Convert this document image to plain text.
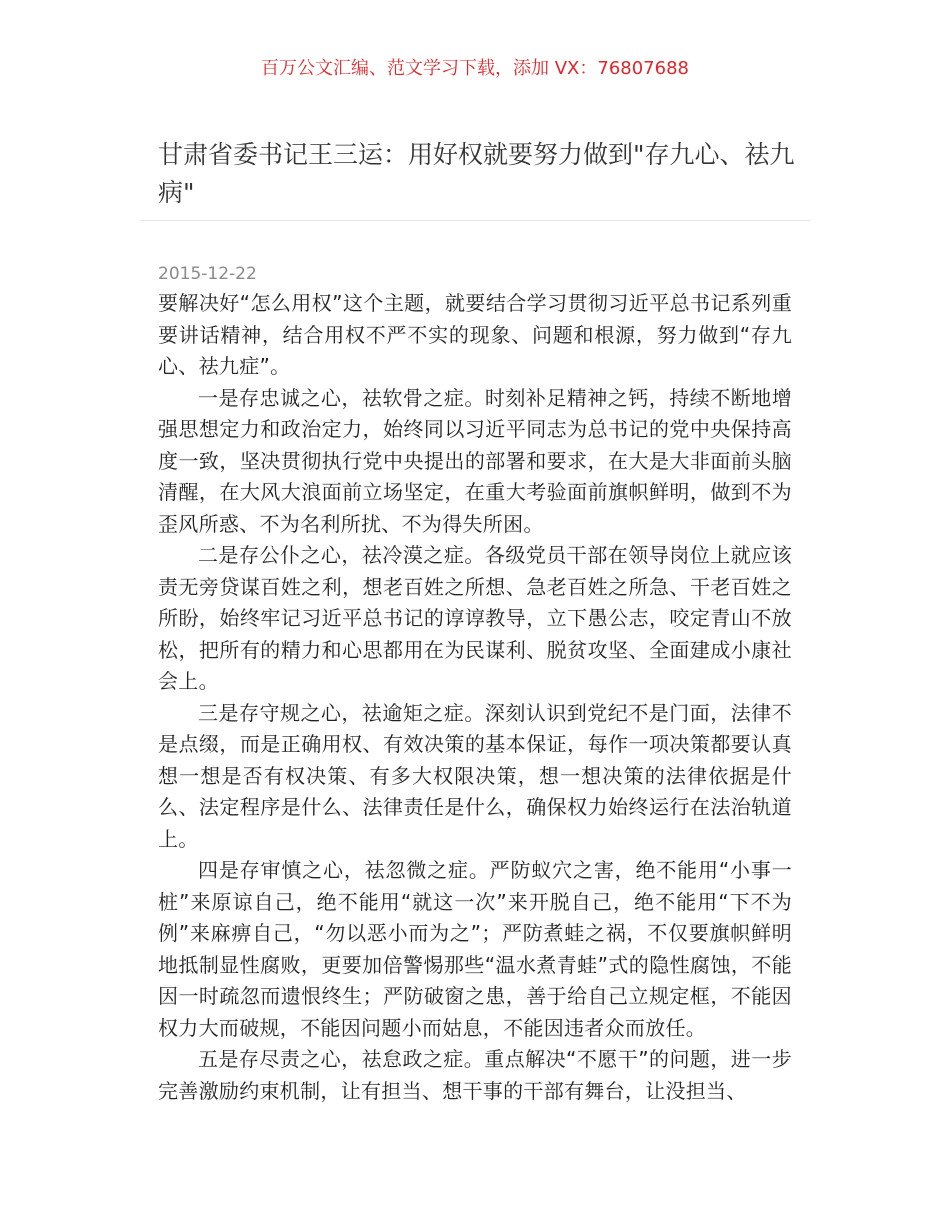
百万公文汇编、范文学习下载，添加 VX：76807688
甘肃省委书记王三运：用好权就要努力做到"存九心、祛九病"
2015-12-22

要解决好“怎么用权”这个主题，就要结合学习贯彻习近平总书记系列重要讲话精神，结合用权不严不实的现象、问题和根源，努力做到“存九心、祛九症”。

一是存忠诚之心，祛软骨之症。时刻补足精神之钙，持续不断地增强思想定力和政治定力，始终同以习近平同志为总书记的党中央保持高度一致，坚决贯彻执行党中央提出的部署和要求，在大是大非面前头脑清醒，在大风大浪面前立场坚定，在重大考验面前旗帜鲜明，做到不为歪风所惑、不为名利所扰、不为得失所困。

二是存公仆之心，祛冷漠之症。各级党员干部在领导岗位上就应该责无旁贷谋百姓之利，想老百姓之所想、急老百姓之所急、干老百姓之所盼，始终牢记习近平总书记的谆谆教导，立下愚公志，咬定青山不放松，把所有的精力和心思都用在为民谋利、脱贫攻坚、全面建成小康社会上。

三是存守规之心，祛逾矩之症。深刻认识到党纪不是门面，法律不是点缀，而是正确用权、有效决策的基本保证，每作一项决策都要认真想一想是否有权决策、有多大权限决策，想一想决策的法律依据是什么、法定程序是什么、法律责任是什么，确保权力始终运行在法治轨道上。

四是存审慎之心，祛忽微之症。严防蚁穴之害，绝不能用“小事一桩”来原谅自己，绝不能用“就这一次”来开脱自己，绝不能用“下不为例”来麻痹自己，“勿以恶小而为之”；严防煮蛙之祸，不仅要旗帜鲜明地抵制显性腐败，更要加倍警惕那些“温水煮青蛙”式的隐性腐蚀，不能因一时疏忽而遗恨终生；严防破窗之患，善于给自己立规定框，不能因权力大而破规，不能因问题小而姑息，不能因违者众而放任。

五是存尽责之心，祛怠政之症。重点解决“不愿干”的问题，进一步完善激励约束机制，让有担当、想干事的干部有舞台，让没担当、
